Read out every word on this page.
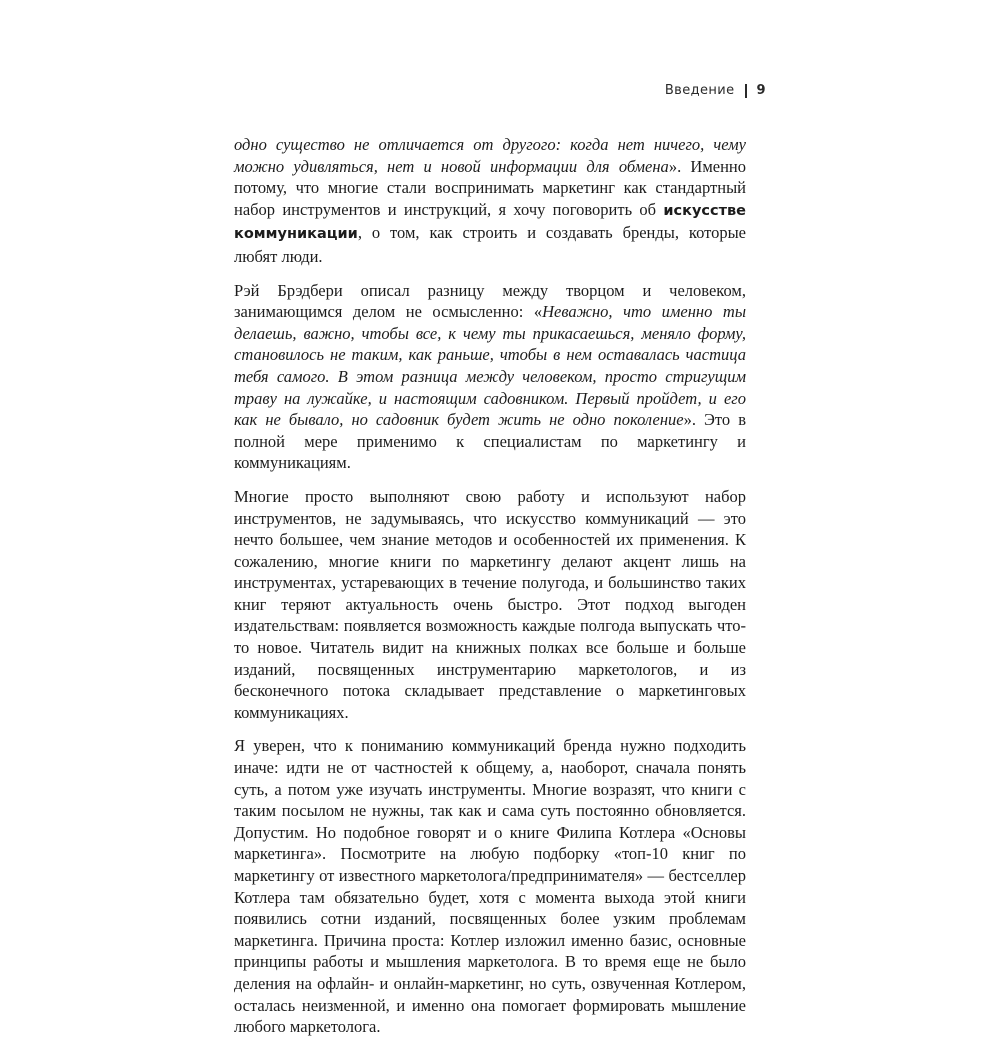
Введение 9

одно существо не отличается от другого: когда нет ничего, чему можно удивляться, нет и новой информации для обмена». Именно потому, что многие стали воспринимать маркетинг как стандартный набор инструментов и инструкций, я хочу поговорить об искусстве коммуникации, о том, как строить и создавать бренды, которые любят люди.

Рэй Брэдбери описал разницу между творцом и человеком, занимающимся делом не осмысленно: «Неважно, что именно ты делаешь, важно, чтобы все, к чему ты прикасаешься, меняло форму, становилось не таким, как раньше, чтобы в нем оставалась частица тебя самого. В этом разница между человеком, просто стригущим траву на лужайке, и настоящим садовником. Первый пройдет, и его как не бывало, но садовник будет жить не одно поколение». Это в полной мере применимо к специалистам по маркетингу и коммуникациям.

Многие просто выполняют свою работу и используют набор инструментов, не задумываясь, что искусство коммуникаций — это нечто большее, чем знание методов и особенностей их применения. К сожалению, многие книги по маркетингу делают акцент лишь на инструментах, устаревающих в течение полугода, и большинство таких книг теряют актуальность очень быстро. Этот подход выгоден издательствам: появляется возможность каждые полгода выпускать что-то новое. Читатель видит на книжных полках все больше и больше изданий, посвященных инструментарию маркетологов, и из бесконечного потока складывает представление о маркетинговых коммуникациях.

Я уверен, что к пониманию коммуникаций бренда нужно подходить иначе: идти не от частностей к общему, а, наоборот, сначала понять суть, а потом уже изучать инструменты. Многие возразят, что книги с таким посылом не нужны, так как и сама суть постоянно обновляется. Допустим. Но подобное говорят и о книге Филипа Котлера «Основы маркетинга». Посмотрите на любую подборку «топ-10 книг по маркетингу от известного маркетолога/предпринимателя» — бестселлер Котлера там обязательно будет, хотя с момента выхода этой книги появились сотни изданий, посвященных более узким проблемам маркетинга. Причина проста: Котлер изложил именно базис, основные принципы работы и мышления маркетолога. В то время еще не было деления на офлайн- и онлайн-маркетинг, но суть, озвученная Котлером, осталась неизменной, и именно она помогает формировать мышление любого маркетолога.
